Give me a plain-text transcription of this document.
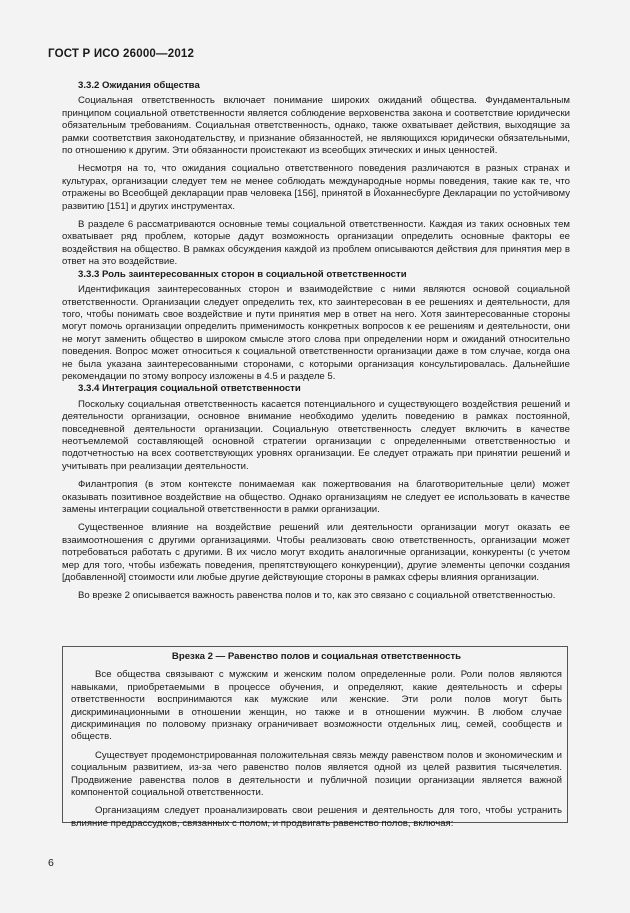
ГОСТ Р ИСО 26000—2012

3.3.2 Ожидания общества

Социальная ответственность включает понимание широких ожиданий общества. Фундаментальным принципом социальной ответственности является соблюдение верховенства закона и соответствие юридически обязательным требованиям. Социальная ответственность, однако, также охватывает действия, выходящие за рамки соответствия законодательству, и признание обязанностей, не являющихся юридически обязательными, по отношению к другим. Эти обязанности проистекают из всеобщих этических и иных ценностей.

Несмотря на то, что ожидания социально ответственного поведения различаются в разных странах и культурах, организации следует тем не менее соблюдать международные нормы поведения, такие как те, что отражены во Всеобщей декларации прав человека [156], принятой в Йоханнесбурге Декларации по устойчивому развитию [151] и других инструментах.

В разделе 6 рассматриваются основные темы социальной ответственности. Каждая из таких основных тем охватывает ряд проблем, которые дадут возможность организации определить основные факторы ее воздействия на общество. В рамках обсуждения каждой из проблем описываются действия для принятия мер в ответ на это воздействие.

3.3.3 Роль заинтересованных сторон в социальной ответственности

Идентификация заинтересованных сторон и взаимодействие с ними являются основой социальной ответственности. Организации следует определить тех, кто заинтересован в ее решениях и деятельности, для того, чтобы понимать свое воздействие и пути принятия мер в ответ на него. Хотя заинтересованные стороны могут помочь организации определить применимость конкретных вопросов к ее решениям и деятельности, они не могут заменить общество в широком смысле этого слова при определении норм и ожиданий относительно поведения. Вопрос может относиться к социальной ответственности организации даже в том случае, когда она не была указана заинтересованными сторонами, с которыми организация консультировалась. Дальнейшие рекомендации по этому вопросу изложены в 4.5 и разделе 5.

3.3.4 Интеграция социальной ответственности

Поскольку социальная ответственность касается потенциального и существующего воздействия решений и деятельности организации, основное внимание необходимо уделить поведению в рамках постоянной, повседневной деятельности организации. Социальную ответственность следует включить в качестве неотъемлемой составляющей основной стратегии организации с определенными ответственностью и подотчетностью на всех соответствующих уровнях организации. Ее следует отражать при принятии решений и учитывать при реализации деятельности.

Филантропия (в этом контексте понимаемая как пожертвования на благотворительные цели) может оказывать позитивное воздействие на общество. Однако организациям не следует ее использовать в качестве замены интеграции социальной ответственности в рамки организации.

Существенное влияние на воздействие решений или деятельности организации могут оказать ее взаимоотношения с другими организациями. Чтобы реализовать свою ответственность, организации может потребоваться работать с другими. В их число могут входить аналогичные организации, конкуренты (с учетом мер для того, чтобы избежать поведения, препятствующего конкуренции), другие элементы цепочки создания [добавленной] стоимости или любые другие действующие стороны в рамках сферы влияния организации.

Во врезке 2 описывается важность равенства полов и то, как это связано с социальной ответственностью.

Врезка 2 — Равенство полов и социальная ответственность

Все общества связывают с мужским и женским полом определенные роли. Роли полов являются навыками, приобретаемыми в процессе обучения, и определяют, какие деятельность и сферы ответственности воспринимаются как мужские или женские. Эти роли полов могут быть дискриминационными в отношении женщин, но также и в отношении мужчин. В любом случае дискриминация по половому признаку ограничивает возможности отдельных лиц, семей, сообществ и обществ.

Существует продемонстрированная положительная связь между равенством полов и экономическим и социальным развитием, из-за чего равенство полов является одной из целей развития тысячелетия. Продвижение равенства полов в деятельности и публичной позиции организации является важной компонентой социальной ответственности.

Организациям следует проанализировать свои решения и деятельность для того, чтобы устранить влияние предрассудков, связанных с полом, и продвигать равенство полов, включая:

6
